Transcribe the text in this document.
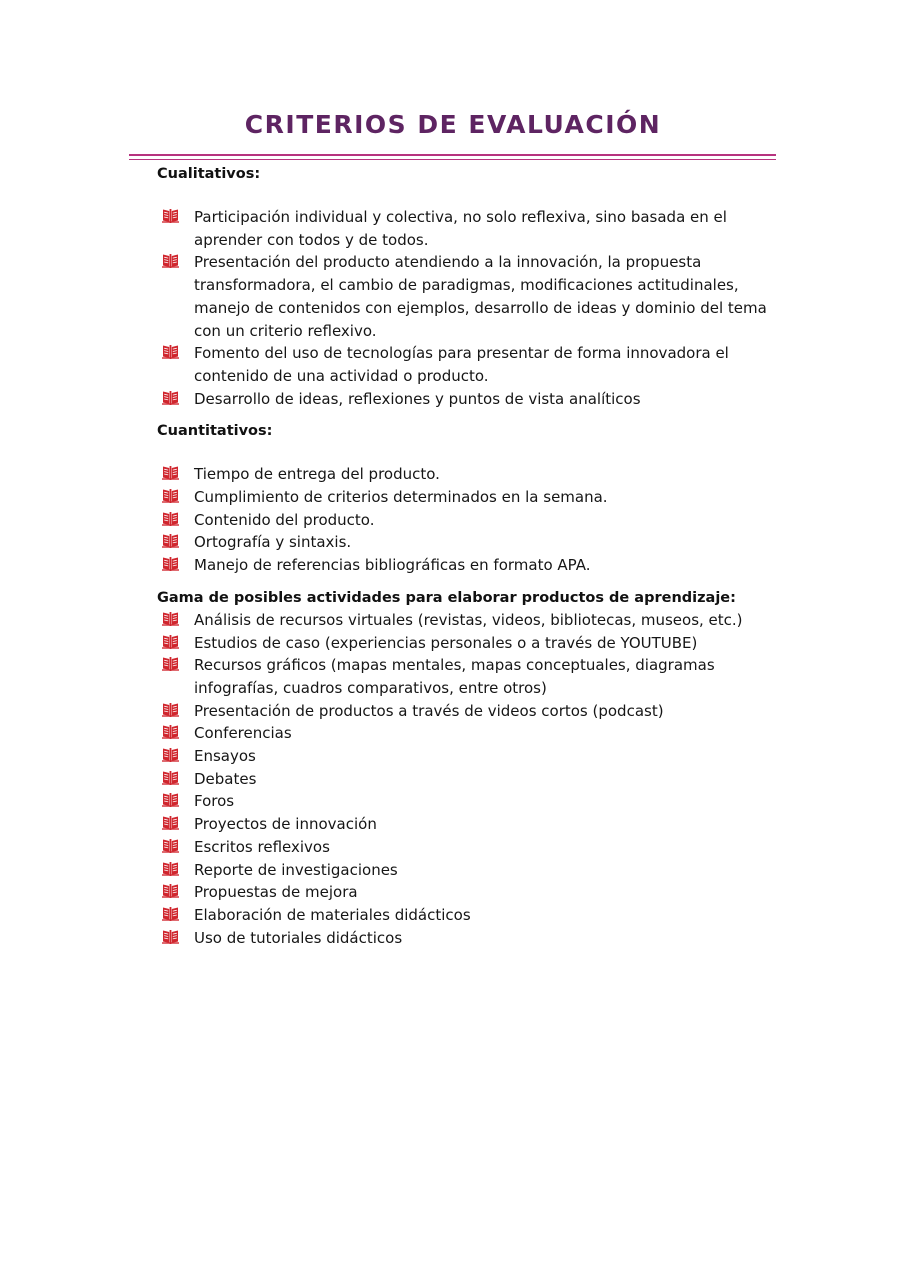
CRITERIOS DE EVALUACIÓN

Cualitativos:

Participación individual y colectiva, no solo reflexiva, sino basada en el aprender con todos y de todos.
Presentación del producto atendiendo a la innovación, la propuesta transformadora, el cambio de paradigmas, modificaciones actitudinales, manejo de contenidos con ejemplos, desarrollo de ideas y dominio del tema con un criterio reflexivo.
Fomento del uso de tecnologías para presentar de forma innovadora el contenido de una actividad o producto.
Desarrollo de ideas, reflexiones y puntos de vista analíticos

Cuantitativos:

Tiempo de entrega del producto.
Cumplimiento de criterios determinados en la semana.
Contenido del producto.
Ortografía y sintaxis.
Manejo de referencias bibliográficas en formato APA.

Gama de posibles actividades para elaborar productos de aprendizaje:

Análisis de recursos virtuales (revistas, videos, bibliotecas, museos, etc.)
Estudios de caso (experiencias personales o a través de YOUTUBE)
Recursos gráficos (mapas mentales, mapas conceptuales, diagramas infografías, cuadros comparativos, entre otros)
Presentación de productos a través de videos cortos (podcast)
Conferencias
Ensayos
Debates
Foros
Proyectos de innovación
Escritos reflexivos
Reporte de investigaciones
Propuestas de mejora
Elaboración de materiales didácticos
Uso de tutoriales didácticos
